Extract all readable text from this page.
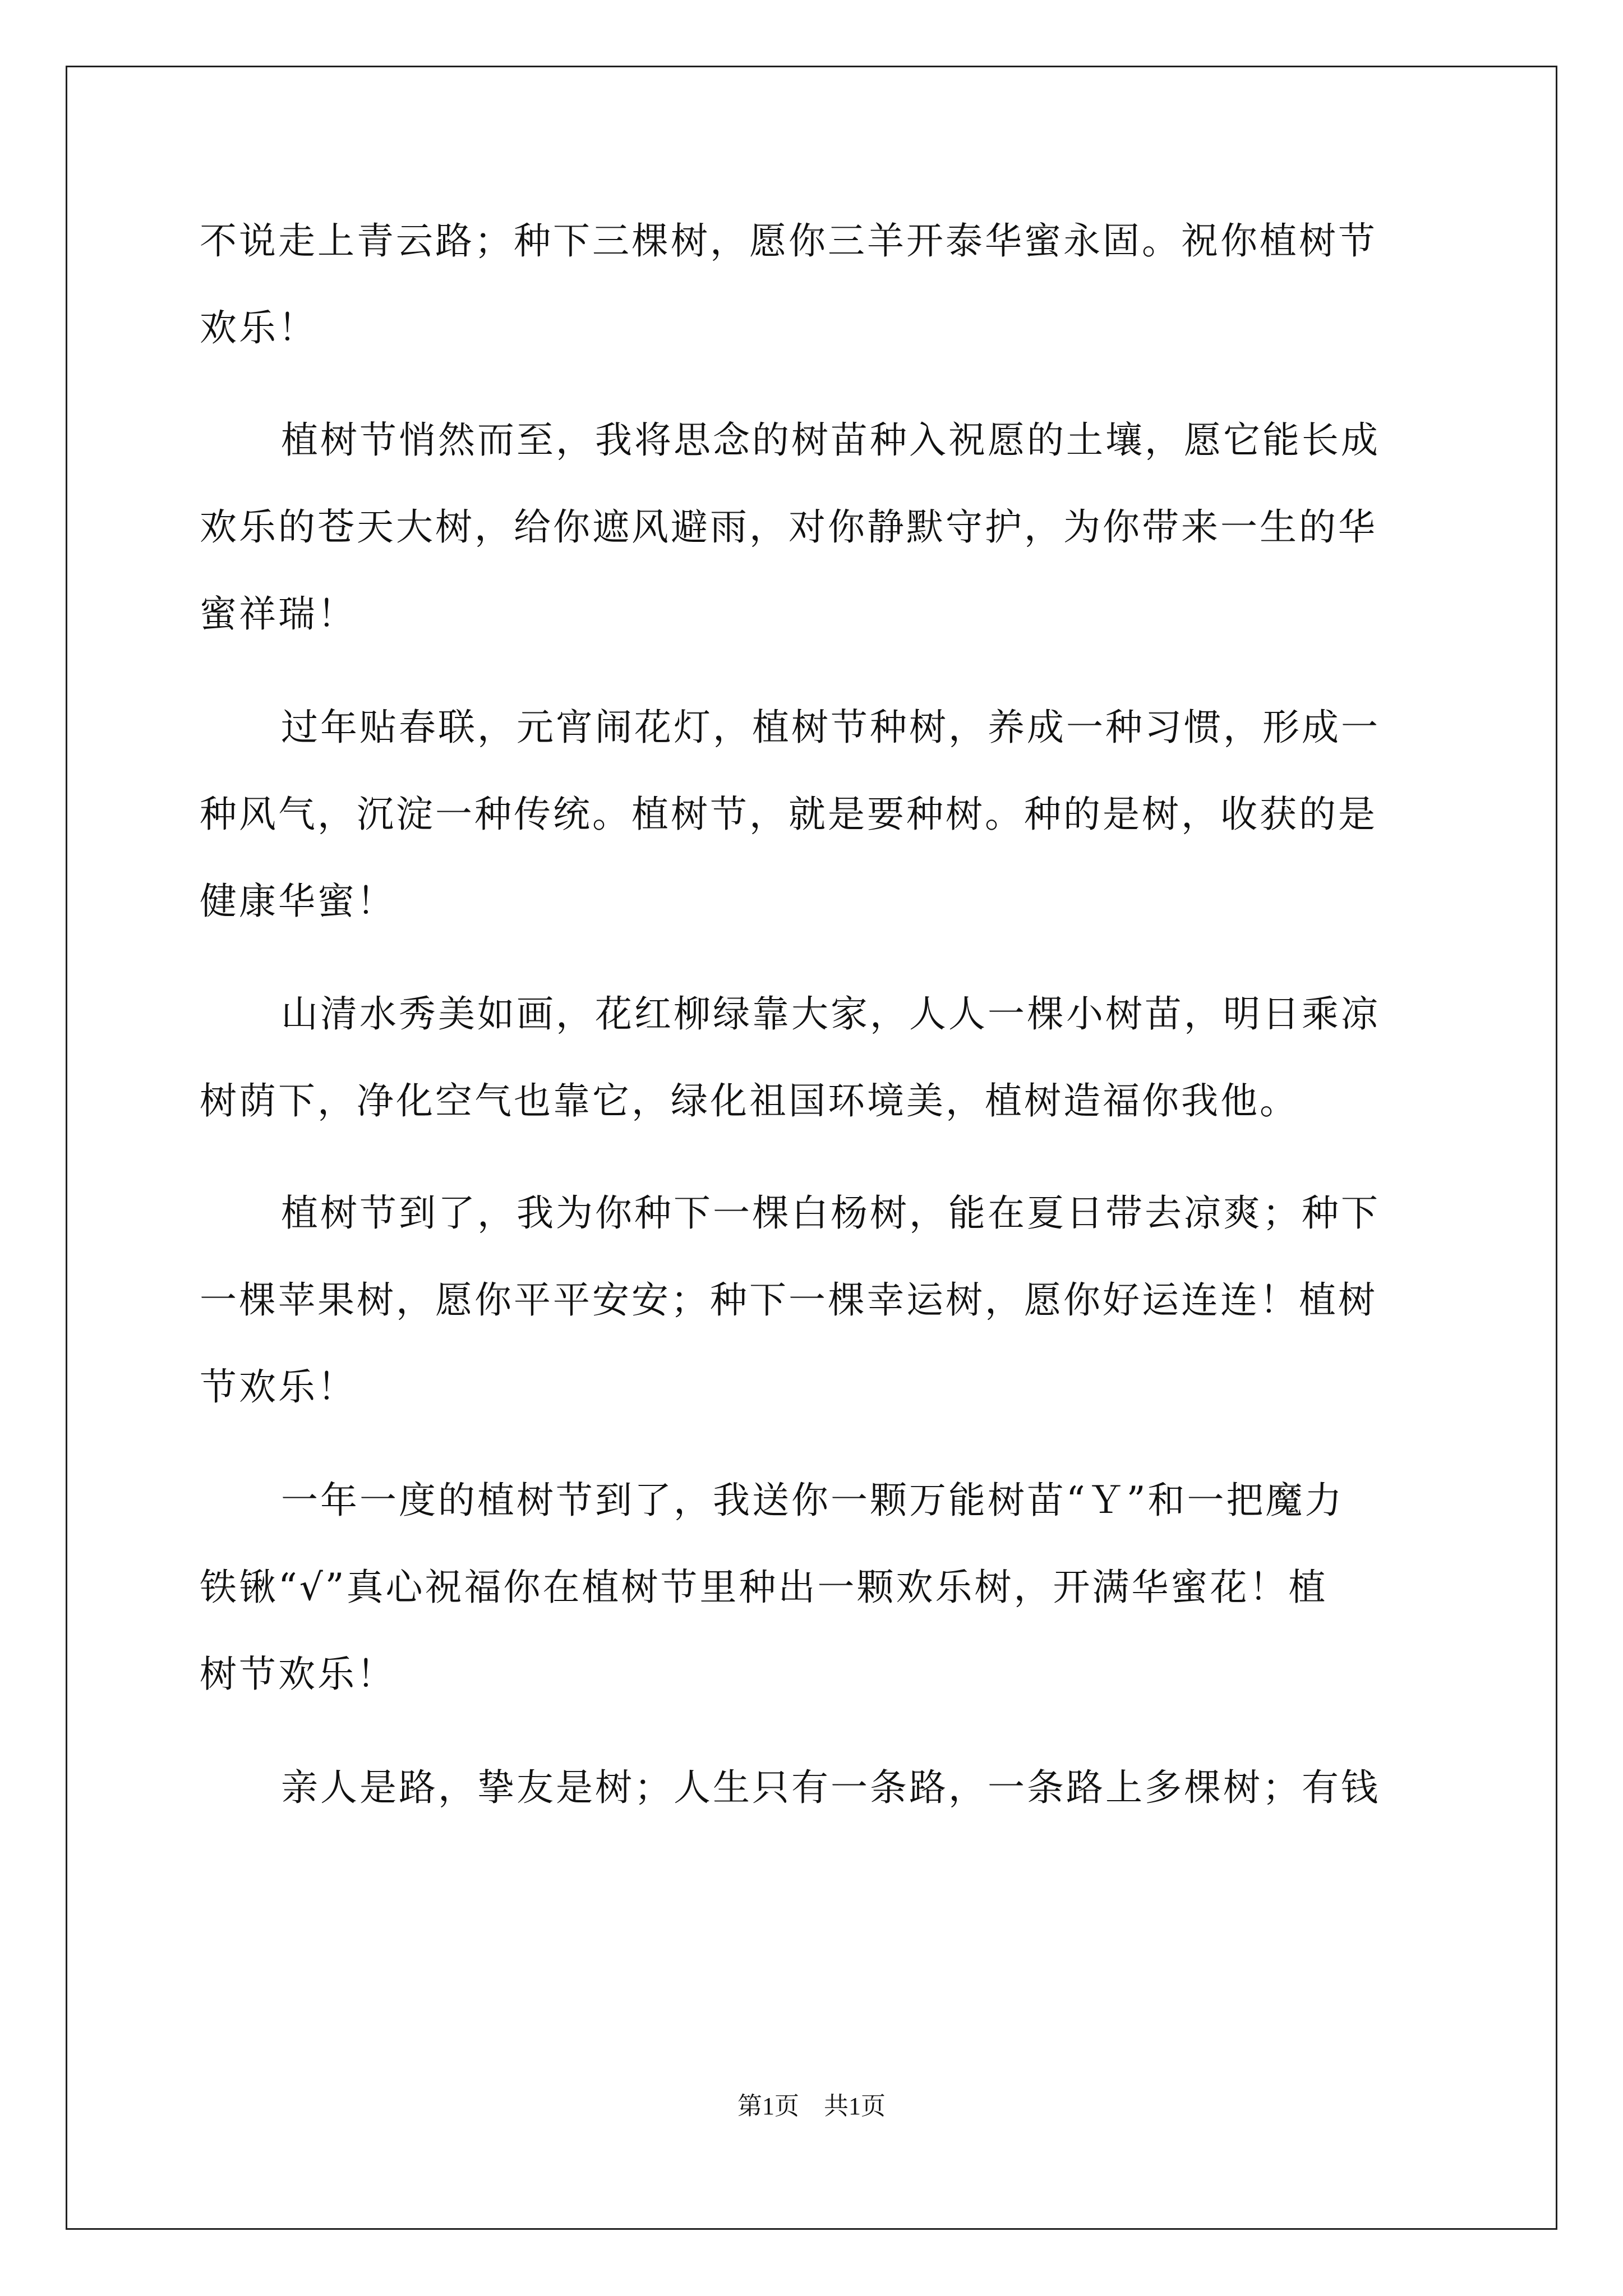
不说走上青云路；种下三棵树，愿你三羊开泰华蜜永固。祝你植树节
欢乐！
植树节悄然而至，我将思念的树苗种入祝愿的土壤，愿它能长成
欢乐的苍天大树，给你遮风避雨，对你静默守护，为你带来一生的华
蜜祥瑞！
过年贴春联，元宵闹花灯，植树节种树，养成一种习惯，形成一
种风气，沉淀一种传统。植树节，就是要种树。种的是树，收获的是
健康华蜜！
山清水秀美如画，花红柳绿靠大家，人人一棵小树苗，明日乘凉
树荫下，净化空气也靠它，绿化祖国环境美，植树造福你我他。
植树节到了，我为你种下一棵白杨树，能在夏日带去凉爽；种下
一棵苹果树，愿你平平安安；种下一棵幸运树，愿你好运连连！植树
节欢乐！
一年一度的植树节到了，我送你一颗万能树苗“Ｙ”和一把魔力
铁锹“√”真心祝福你在植树节里种出一颗欢乐树，开满华蜜花！植
树节欢乐！
亲人是路，挚友是树；人生只有一条路，一条路上多棵树；有钱
第1页 共1页
